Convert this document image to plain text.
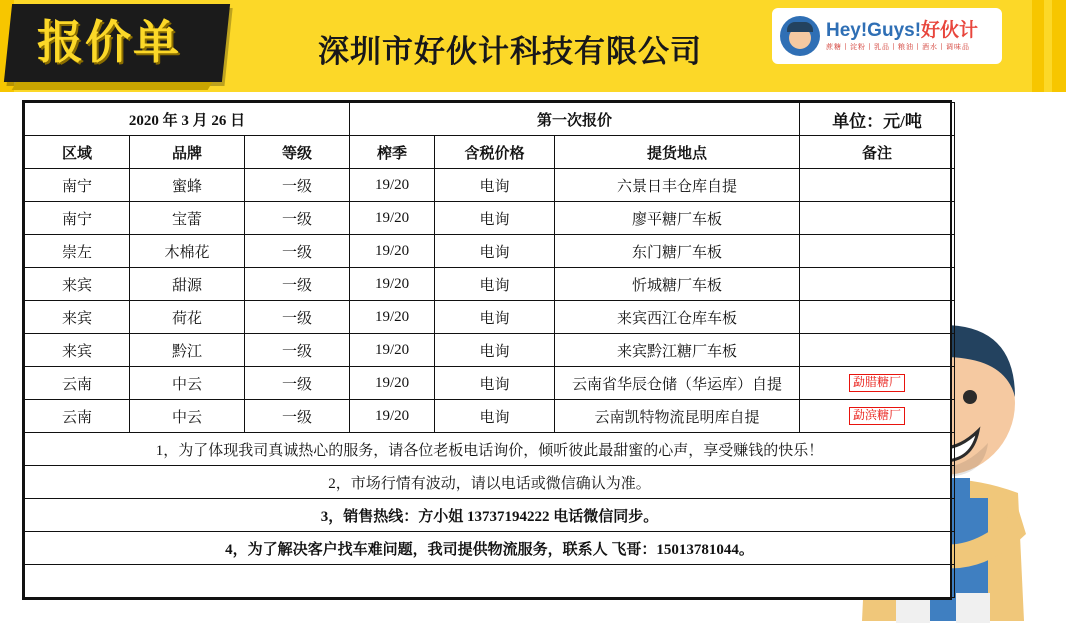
报价单	深圳市好伙计科技有限公司
Hey!Guys!好伙计
蔗糖丨淀粉丨乳品丨粮油丨酒水丨调味品
2020 年 3 月 26 日			第一次报价			单位：元/吨
区域	品牌	等级	榨季	含税价格	提货地点	备注
南宁	蜜蜂	一级	19/20	电询	六景日丰仓库自提	
南宁	宝蕾	一级	19/20	电询	廖平糖厂车板	
崇左	木棉花	一级	19/20	电询	东门糖厂车板	
来宾	甜源	一级	19/20	电询	忻城糖厂车板	
来宾	荷花	一级	19/20	电询	来宾西江仓库车板	
来宾	黔江	一级	19/20	电询	来宾黔江糖厂车板	
云南	中云	一级	19/20	电询	云南省华辰仓储（华运库）自提	勐腊糖厂
云南	中云	一级	19/20	电询	云南凯特物流昆明库自提	勐滨糖厂
1，为了体现我司真诚热心的服务，请各位老板电话询价，倾听彼此最甜蜜的心声，享受赚钱的快乐！						
2，市场行情有波动，请以电话或微信确认为准。						
3，销售热线：方小姐 13737194222 电话微信同步。						
4，为了解决客户找车难问题，我司提供物流服务，联系人 飞哥：15013781044。						
